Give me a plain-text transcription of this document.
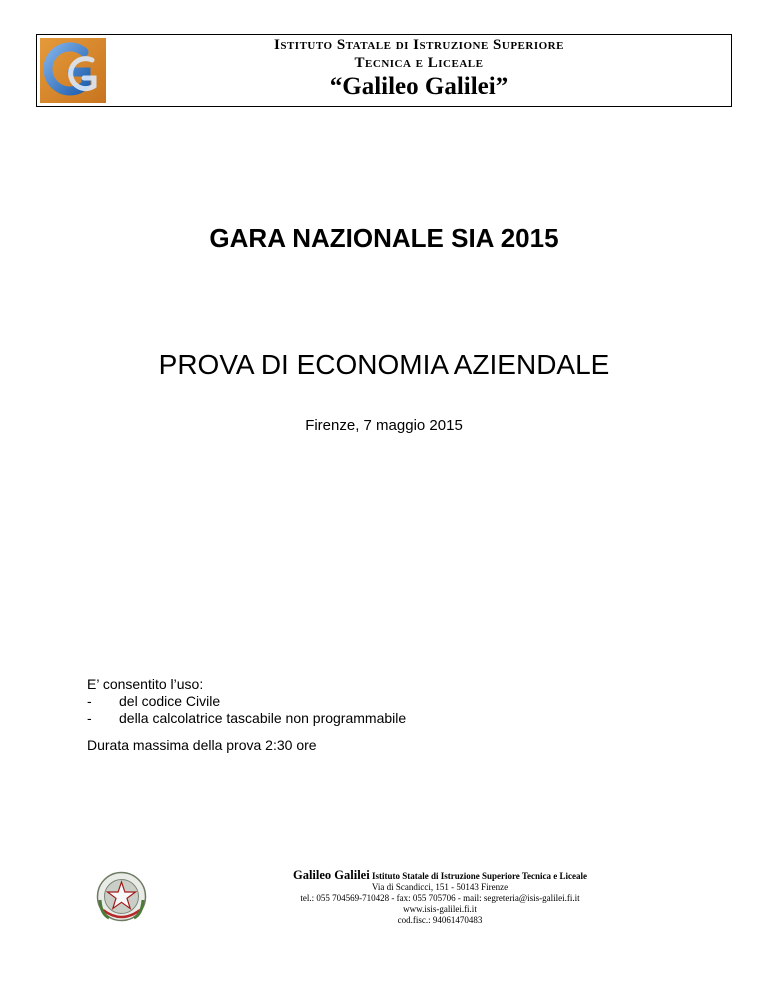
Istituto Statale di Istruzione Superiore
Tecnica e Liceale
“Galileo Galilei”
GARA NAZIONALE SIA 2015
PROVA DI ECONOMIA AZIENDALE
Firenze, 7 maggio 2015
E’ consentito l’uso:
- del codice Civile
- della calcolatrice tascabile non programmabile
Durata massima della prova 2:30 ore
Galileo Galilei Istituto Statale di Istruzione Superiore Tecnica e Liceale
Via di Scandicci, 151 - 50143 Firenze
tel.: 055 704569-710428 - fax: 055 705706 - mail: segreteria@isis-galilei.fi.it
www.isis-galilei.fi.it
cod.fisc.: 94061470483
